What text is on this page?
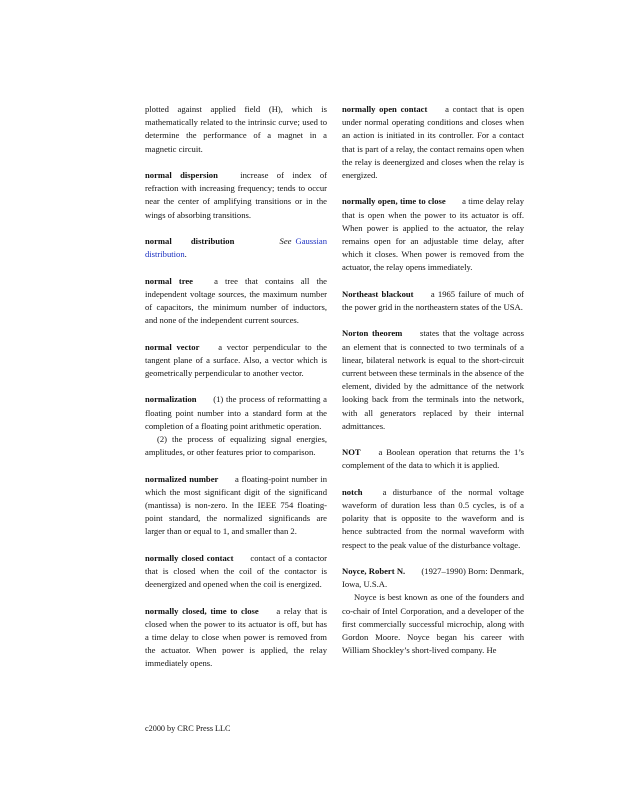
plotted against applied field (H), which is mathematically related to the intrinsic curve; used to determine the performance of a magnet in a magnetic circuit.

normal dispersion	increase of index of refraction with increasing frequency; tends to occur near the center of amplifying transitions or in the wings of absorbing transitions.

normal distribution	See Gaussian distribution.

normal tree a tree that contains all the independent voltage sources, the maximum number of capacitors, the minimum number of inductors, and none of the independent current sources.

normal vector a vector perpendicular to the tangent plane of a surface. Also, a vector which is geometrically perpendicular to another vector.

normalization (1) the process of reformatting a floating point number into a standard form at the completion of a floating point arithmetic operation.
(2) the process of equalizing signal energies, amplitudes, or other features prior to comparison.

normalized number a floating-point number in which the most significant digit of the significand (mantissa) is non-zero. In the IEEE 754 floating-point standard, the normalized significands are larger than or equal to 1, and smaller than 2.

normally closed contact contact of a contactor that is closed when the coil of the contactor is deenergized and opened when the coil is energized.

normally closed, time to close a relay that is closed when the power to its actuator is off, but has a time delay to close when power is removed from the actuator. When power is applied, the relay immediately opens.

normally open contact a contact that is open under normal operating conditions and closes when an action is initiated in its controller. For a contact that is part of a relay, the contact remains open when the relay is deenergized and closes when the relay is energized.

normally open, time to close a time delay relay that is open when the power to its actuator is off. When power is applied to the actuator, the relay remains open for an adjustable time delay, after which it closes. When power is removed from the actuator, the relay opens immediately.

Northeast blackout a 1965 failure of much of the power grid in the northeastern states of the USA.

Norton theorem states that the voltage across an element that is connected to two terminals of a linear, bilateral network is equal to the short-circuit current between these terminals in the absence of the element, divided by the admittance of the network looking back from the terminals into the network, with all generators replaced by their internal admittances.

NOT a Boolean operation that returns the 1’s complement of the data to which it is applied.

notch a disturbance of the normal voltage waveform of duration less than 0.5 cycles, is of a polarity that is opposite to the waveform and is hence subtracted from the normal waveform with respect to the peak value of the disturbance voltage.

Noyce, Robert N. (1927–1990) Born: Denmark, Iowa, U.S.A.
Noyce is best known as one of the founders and co-chair of Intel Corporation, and a developer of the first commercially successful microchip, along with Gordon Moore. Noyce began his career with William Shockley’s short-lived company. He
c2000 by CRC Press LLC
